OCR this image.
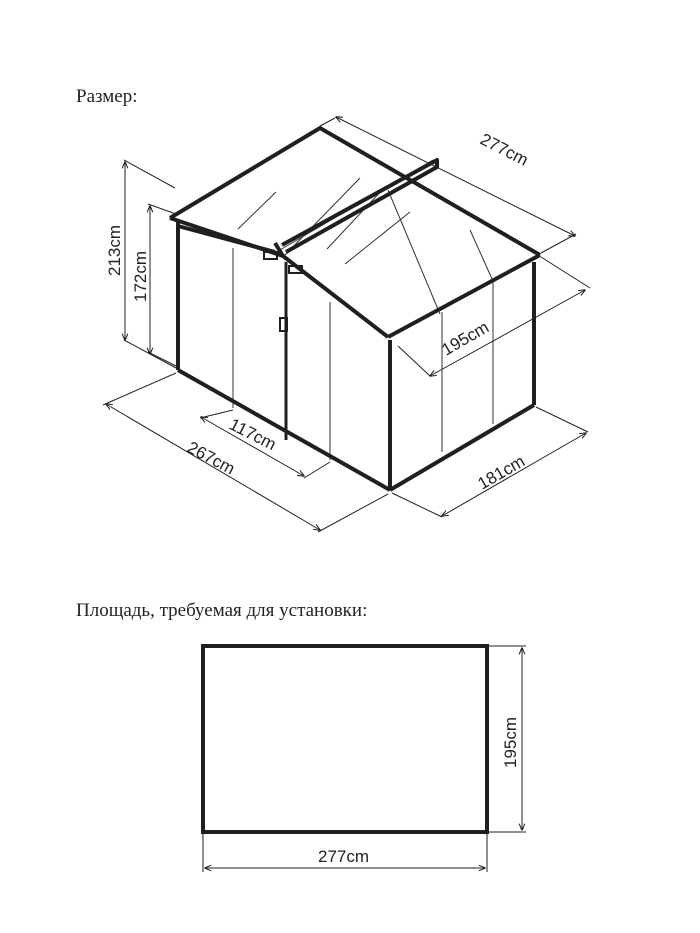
Размер:
Площадь, требуемая для установки:
277cm
213cm
172cm
195cm
117cm
267cm	181cm
195cm
277cm
